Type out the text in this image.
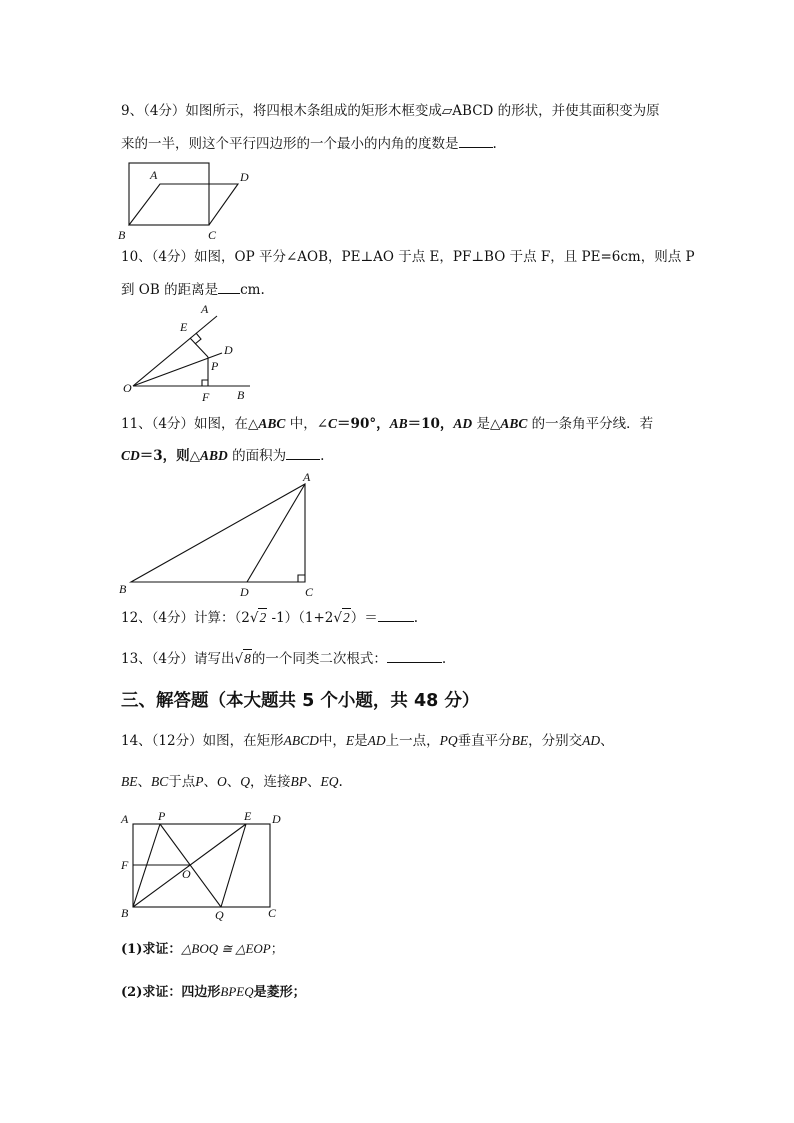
9、（4分）如图所示，将四根木条组成的矩形木框变成▱ABCD 的形状，并使其面积变为原
来的一半，则这个平行四边形的一个最小的内角的度数是	.
A	D
B	C
10、（4分）如图，OP 平分∠AOB，PE⊥AO 于点 E，PF⊥BO 于点 F，且 PE=6cm，则点 P
到 OB 的距离是 cm.
A
E
D
P
O
F B
11、（4分）如图，在△ABC 中，∠C＝90°，AB＝10，AD 是△ABC 的一条角平分线．若
CD＝3，则△ABD 的面积为	.
A
B	D	C
12、（4分）计算：（2√2 -1）（1+2√2）＝	.
13、（4分）请写出√8的一个同类二次根式：	.
三、解答题（本大题共 5 个小题，共 48 分）
14、（12分）如图，在矩形ABCD中，E是AD上一点，PQ垂直平分BE，分别交AD、
BE、BC于点P、O、Q，连接BP、EQ.
A P	E D
F
O
B	Q	C
(1)求证：△BOQ ≅ △EOP；
(2)求证：四边形BPEQ是菱形；
